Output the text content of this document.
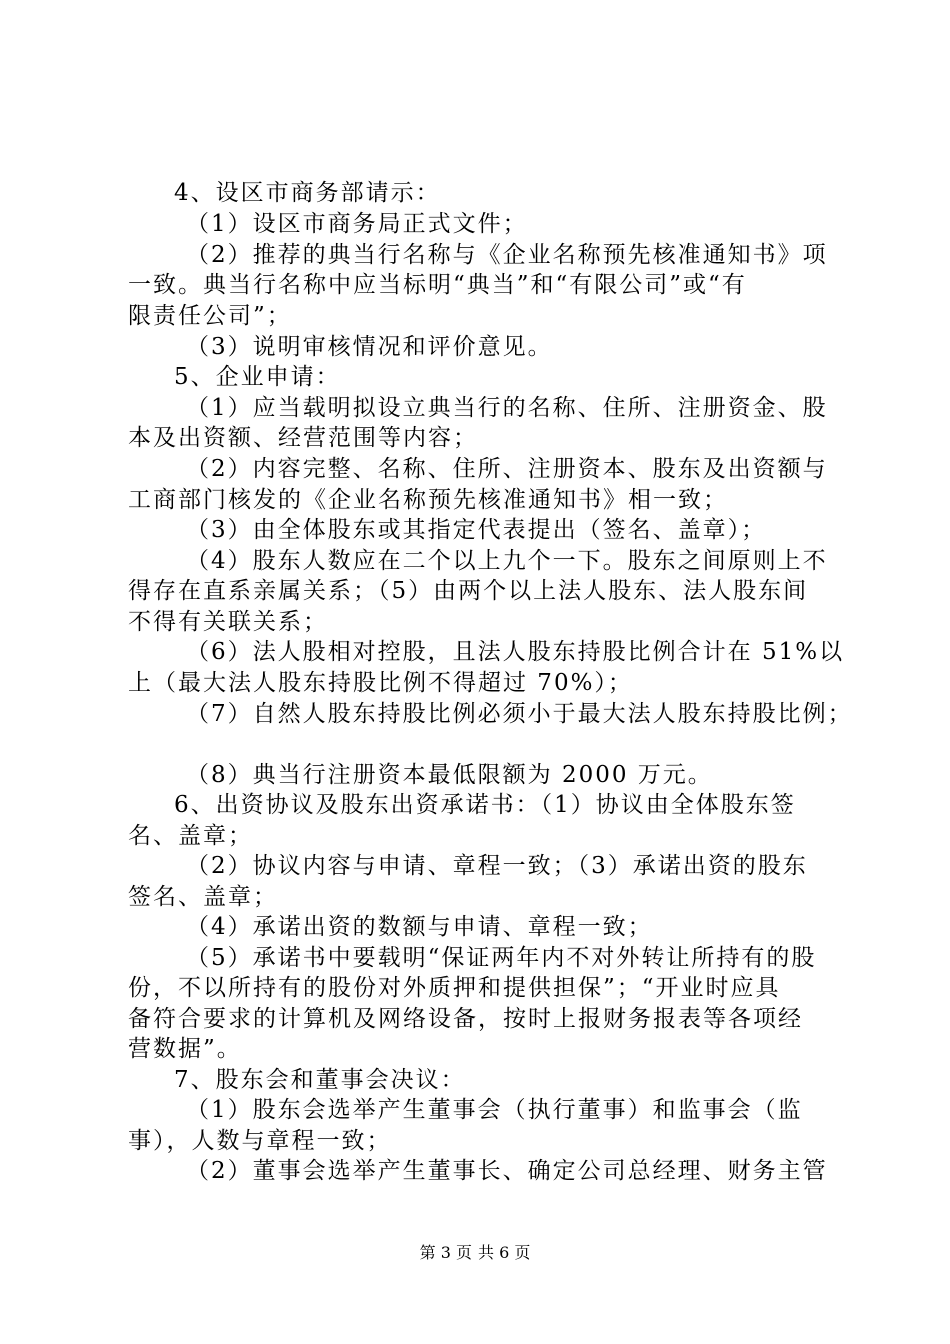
4、设区市商务部请示：
（1）设区市商务局正式文件；
（2）推荐的典当行名称与《企业名称预先核准通知书》项
一致。典当行名称中应当标明“典当”和“有限公司”或“有
限责任公司”；
（3）说明审核情况和评价意见。
5、企业申请：
（1）应当载明拟设立典当行的名称、住所、注册资金、股
本及出资额、经营范围等内容；
（2）内容完整、名称、住所、注册资本、股东及出资额与
工商部门核发的《企业名称预先核准通知书》相一致；
（3）由全体股东或其指定代表提出（签名、盖章）；
（4）股东人数应在二个以上九个一下。股东之间原则上不
得存在直系亲属关系；（5）由两个以上法人股东、法人股东间
不得有关联关系；
（6）法人股相对控股，且法人股东持股比例合计在 51%以
上（最大法人股东持股比例不得超过 70%）；
（7）自然人股东持股比例必须小于最大法人股东持股比例；
（8）典当行注册资本最低限额为 2000 万元。
6、出资协议及股东出资承诺书：（1）协议由全体股东签
名、盖章；
（2）协议内容与申请、章程一致；（3）承诺出资的股东
签名、盖章；
（4）承诺出资的数额与申请、章程一致；
（5）承诺书中要载明“保证两年内不对外转让所持有的股
份，不以所持有的股份对外质押和提供担保”；“开业时应具
备符合要求的计算机及网络设备，按时上报财务报表等各项经
营数据”。
7、股东会和董事会决议：
（1）股东会选举产生董事会（执行董事）和监事会（监
事），人数与章程一致；
（2）董事会选举产生董事长、确定公司总经理、财务主管
第 3 页 共 6 页
